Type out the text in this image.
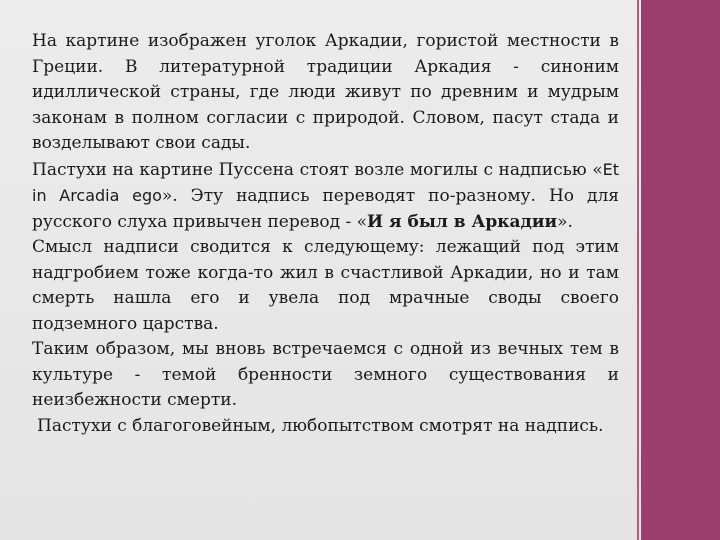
На картине изображен уголок Аркадии, гористой местности в Греции. В литературной традиции Аркадия - синоним идиллической страны, где люди живут по древним и мудрым законам в полном согласии с природой. Словом, пасут стада и возделывают свои сады.

Пастухи на картине Пуссена стоят возле могилы с надписью «Et in Arcadia ego». Эту надпись переводят по-разному. Но для русского слуха привычен перевод - «И я был в Аркадии».

Смысл надписи сводится к следующему: лежащий под этим надгробием тоже когда-то жил в счастливой Аркадии, но и там смерть нашла его и увела под мрачные своды своего подземного царства.

Таким образом, мы вновь встречаемся с одной из вечных тем в культуре - темой бренности земного существования и неизбежности смерти.

Пастухи с благоговейным, любопытством смотрят на надпись.
